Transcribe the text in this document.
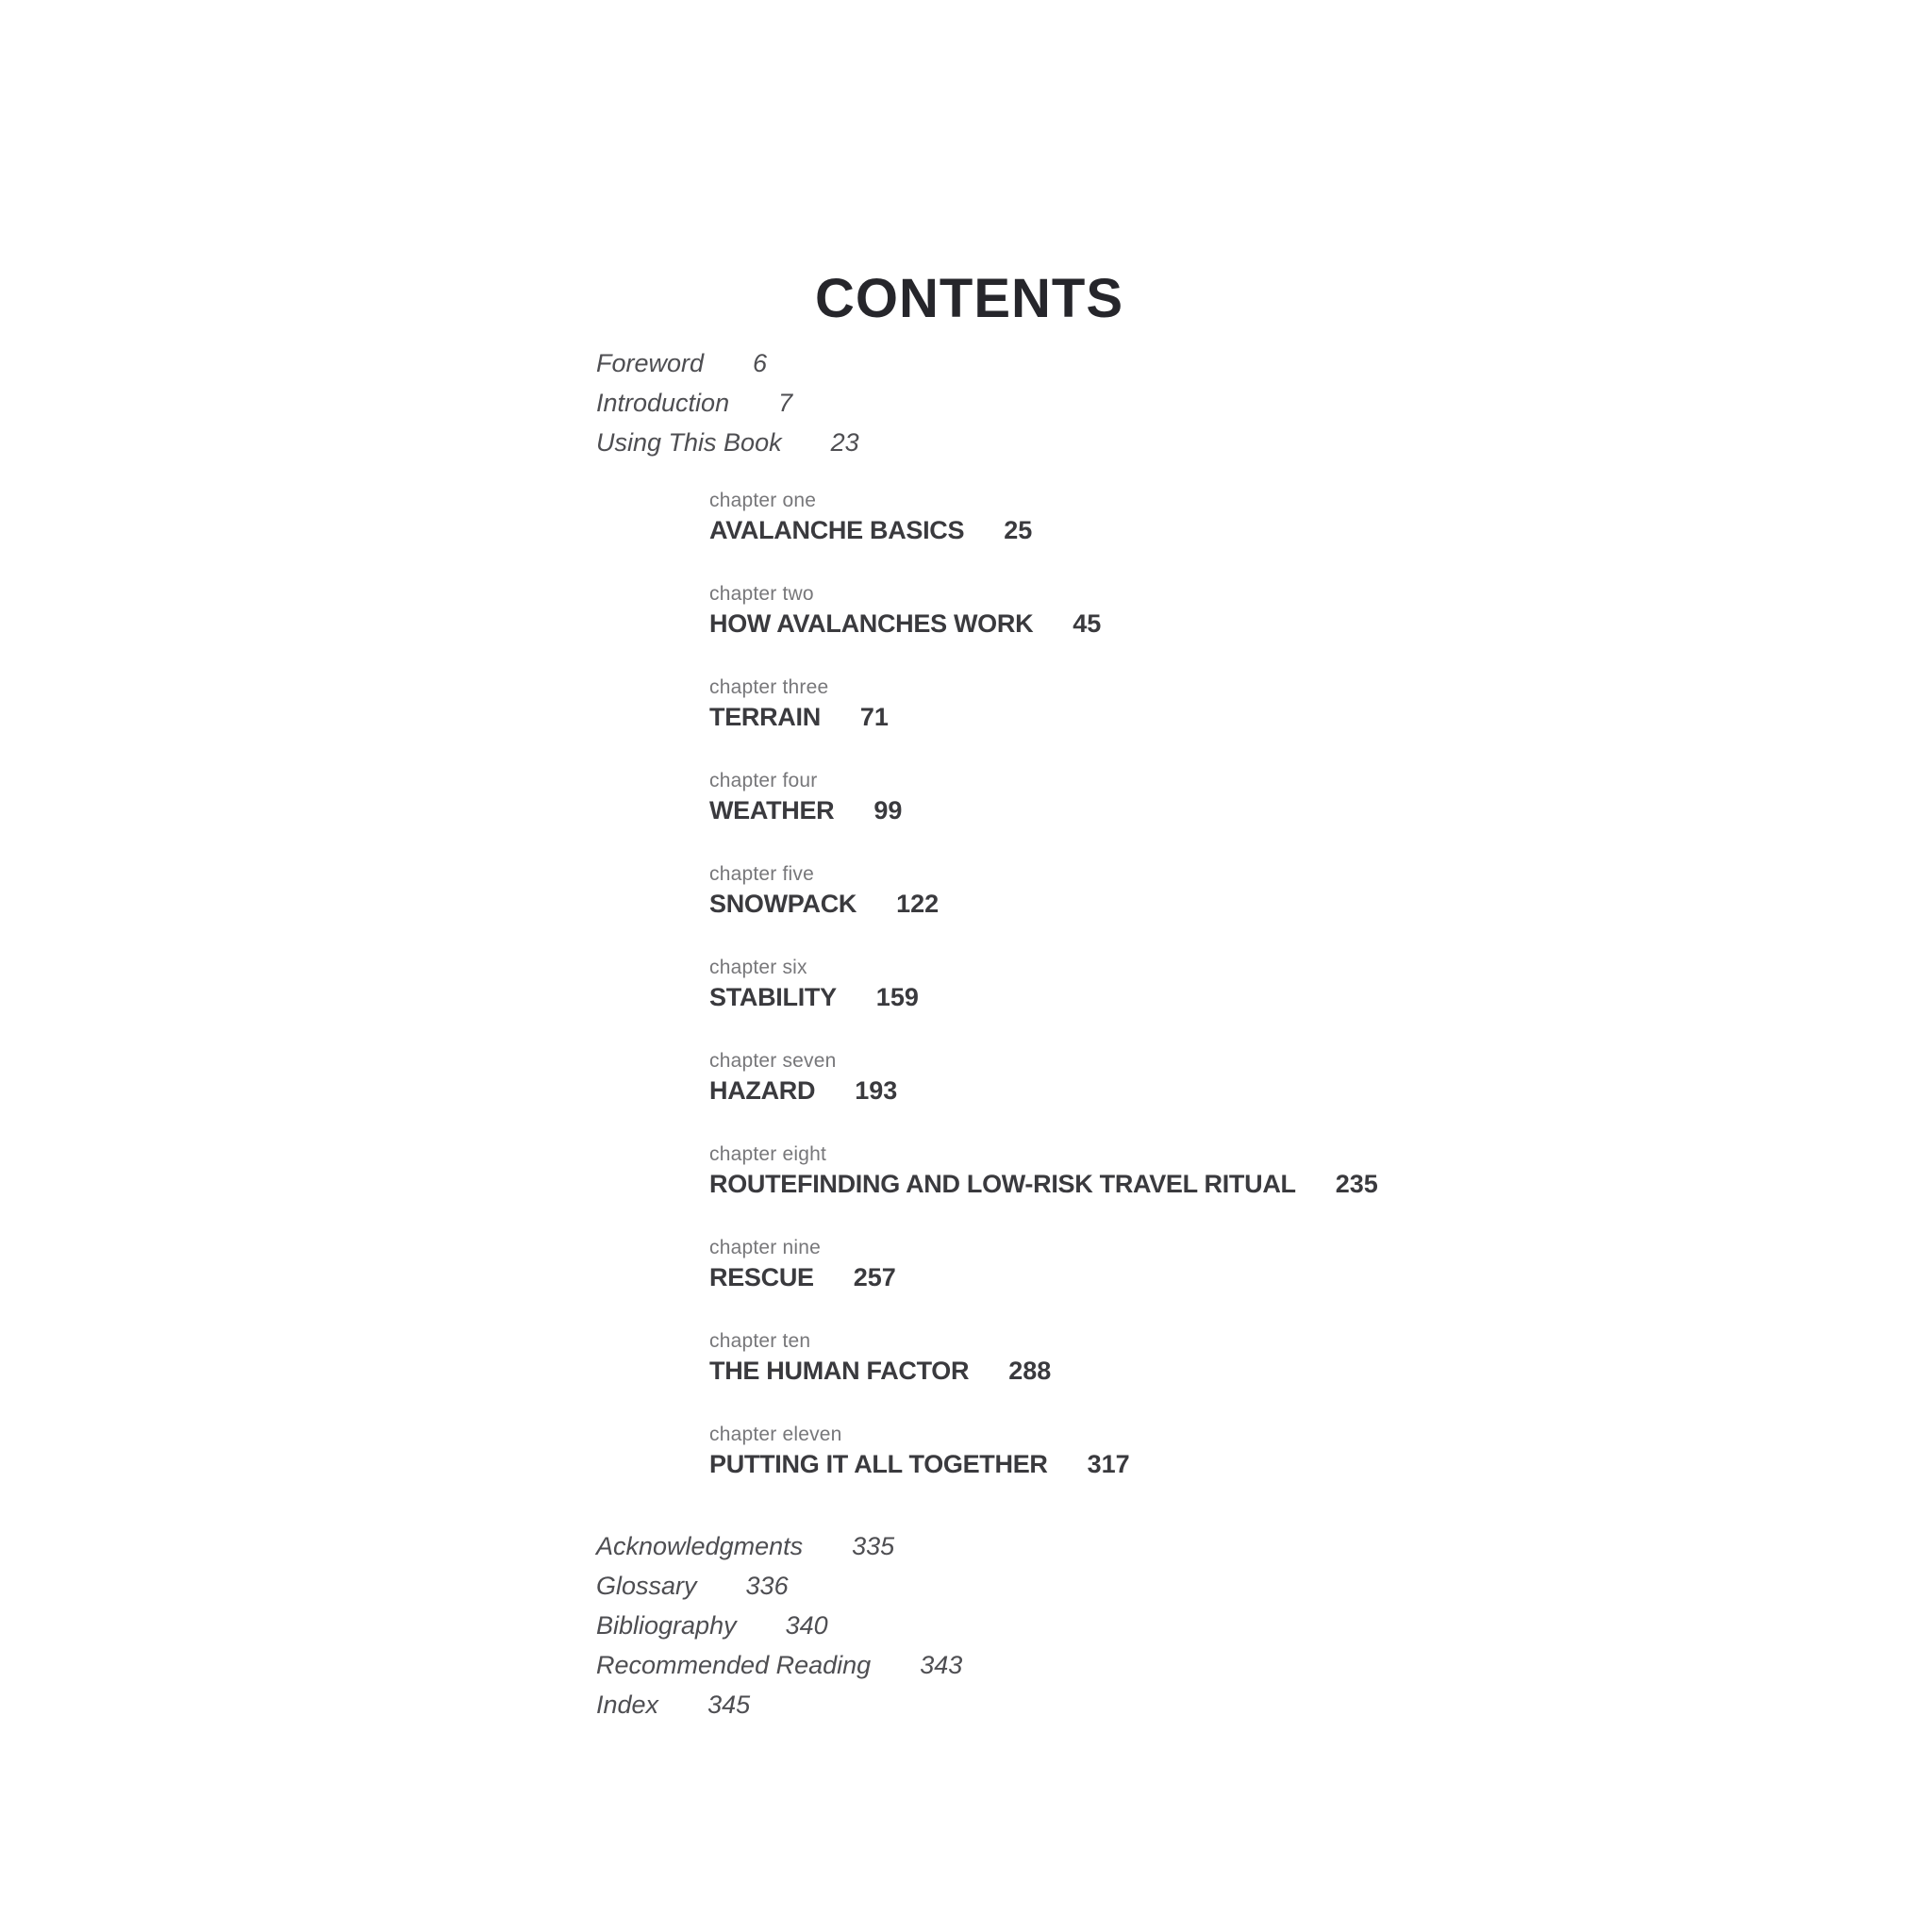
CONTENTS
Foreword 6
Introduction 7
Using This Book 23
chapter one
AVALANCHE BASICS 25
chapter two
HOW AVALANCHES WORK 45
chapter three
TERRAIN 71
chapter four
WEATHER 99
chapter five
SNOWPACK 122
chapter six
STABILITY 159
chapter seven
HAZARD 193
chapter eight
ROUTEFINDING AND LOW-RISK TRAVEL RITUAL 235
chapter nine
RESCUE 257
chapter ten
THE HUMAN FACTOR 288
chapter eleven
PUTTING IT ALL TOGETHER 317
Acknowledgments 335
Glossary 336
Bibliography 340
Recommended Reading 343
Index 345
